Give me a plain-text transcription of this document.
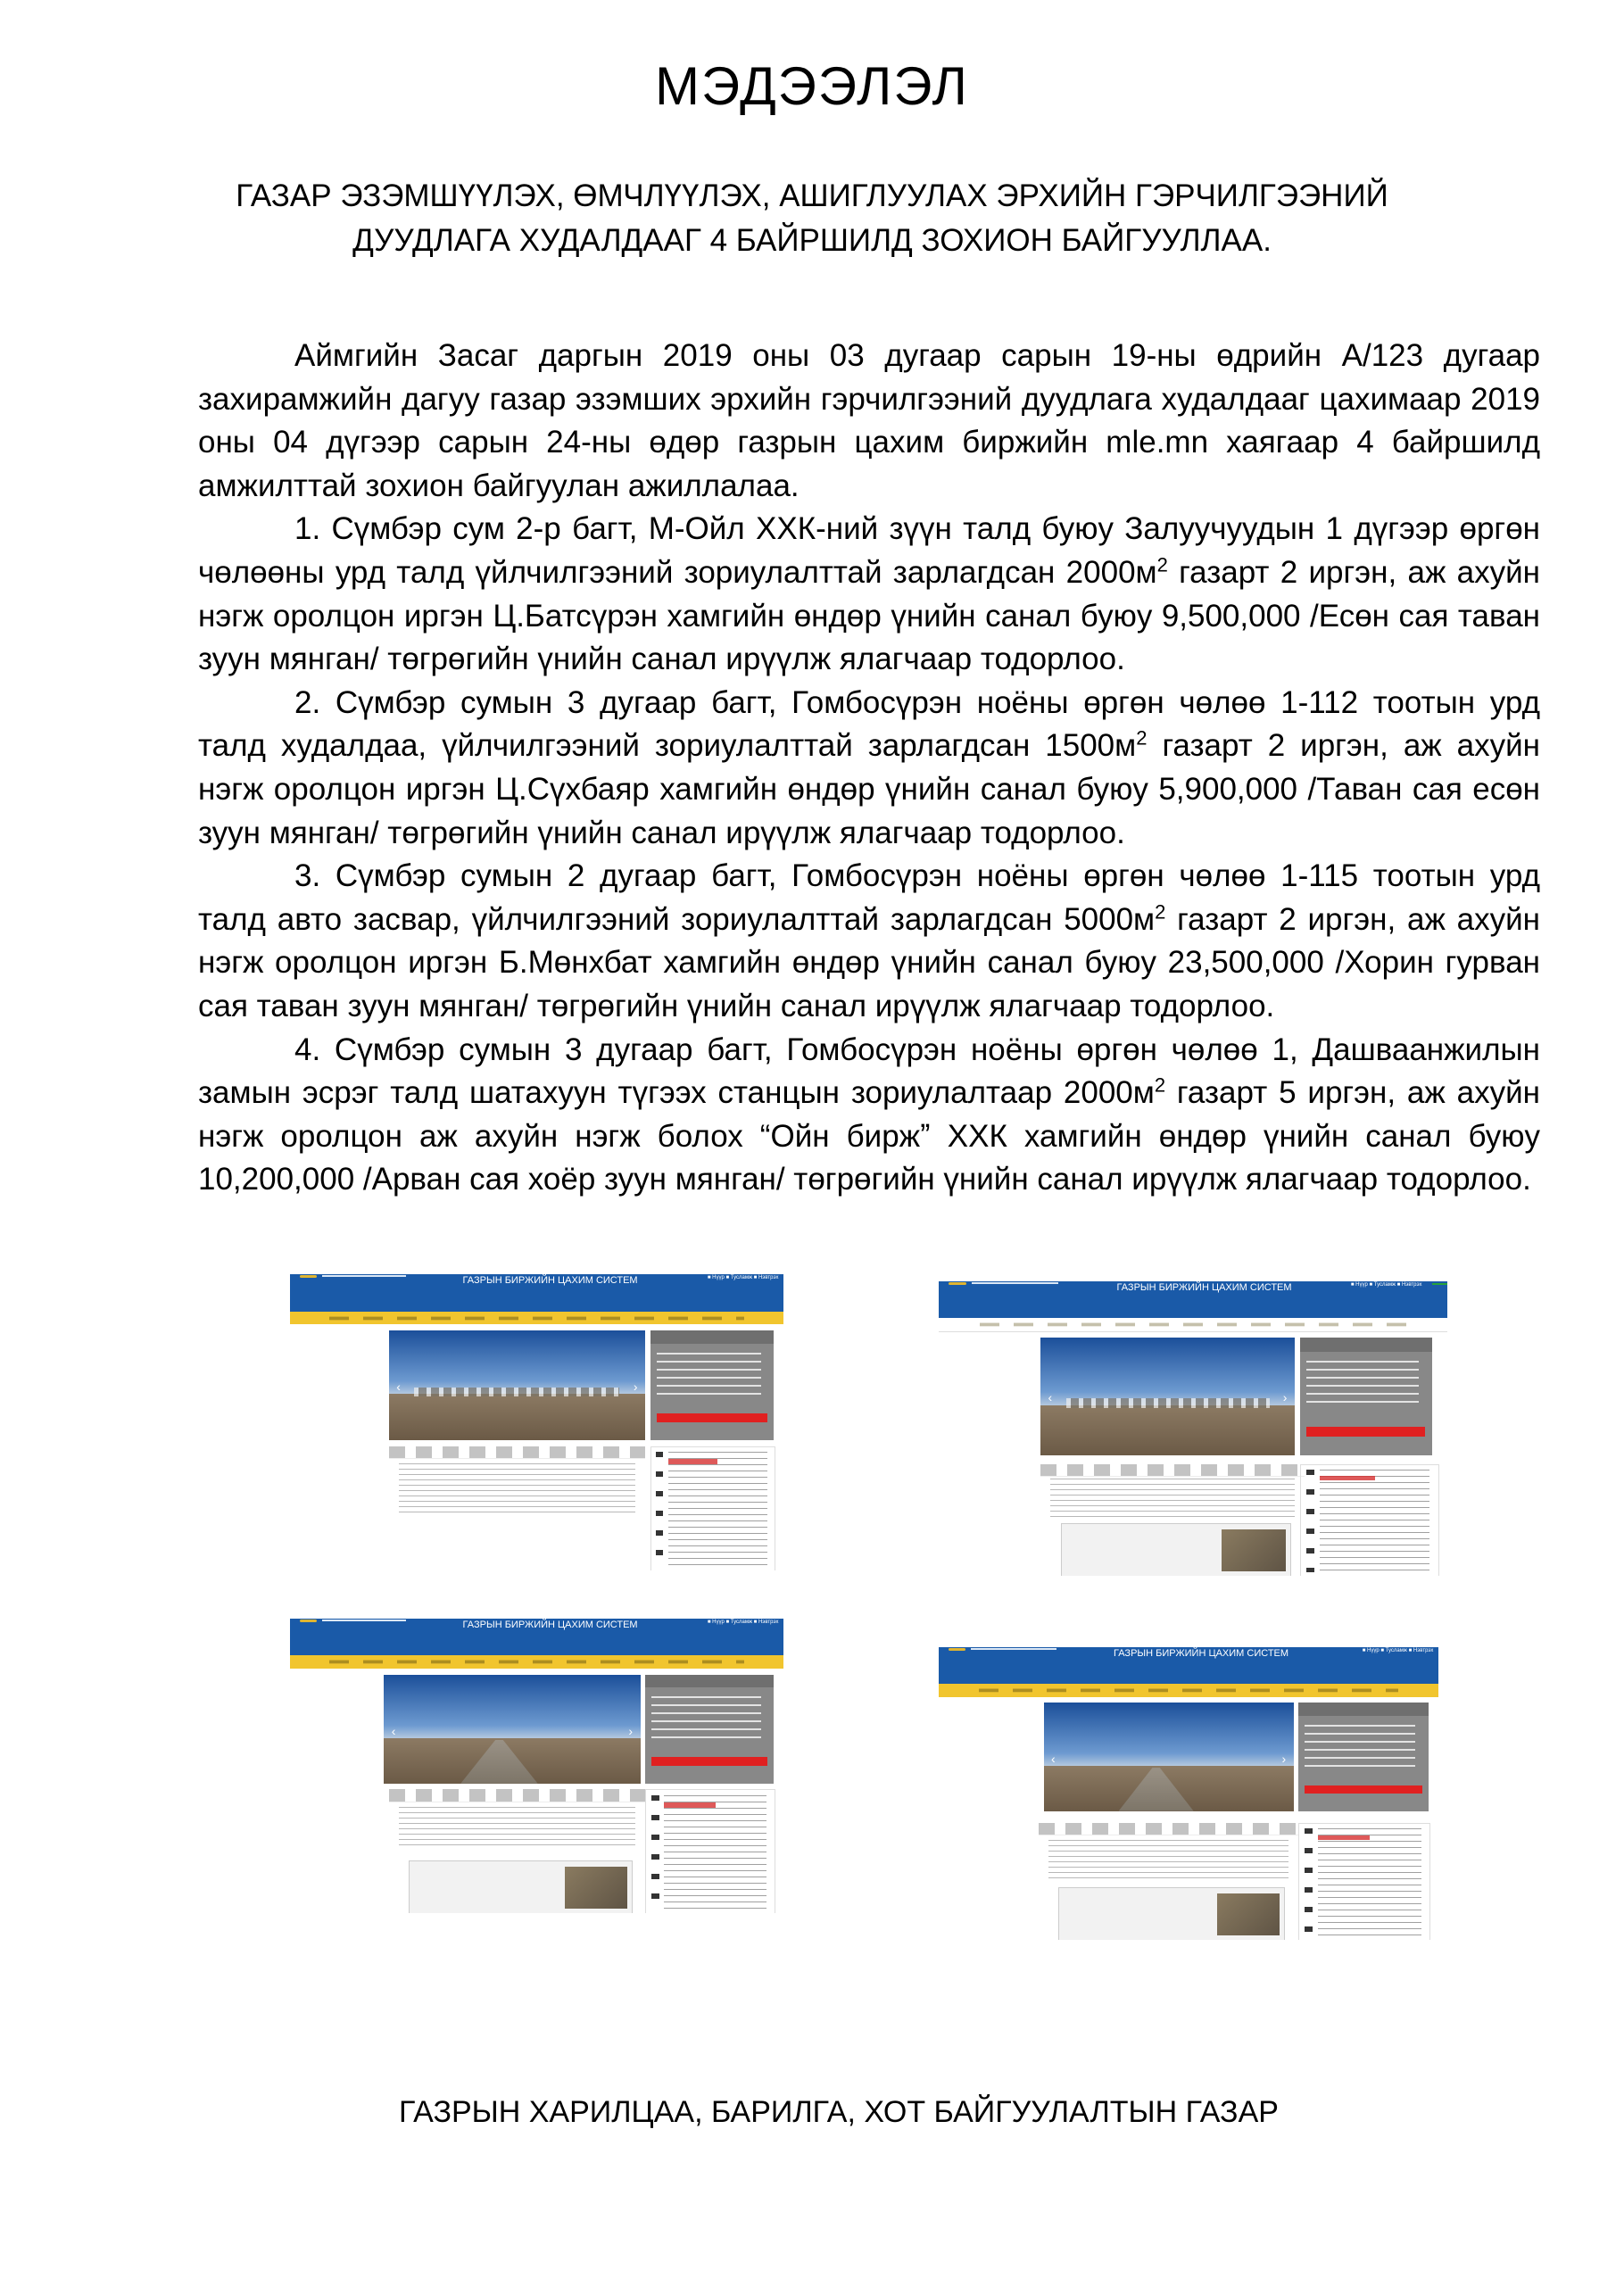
МЭДЭЭЛЭЛ
ГАЗАР ЭЗЭМШҮҮЛЭХ, ӨМЧЛҮҮЛЭХ, АШИГЛУУЛАХ ЭРХИЙН ГЭРЧИЛГЭЭНИЙ
ДУУДЛАГА ХУДАЛДААГ 4 БАЙРШИЛД ЗОХИОН БАЙГУУЛЛАА.

Аймгийн Засаг даргын 2019 оны 03 дугаар сарын 19-ны өдрийн А/123 дугаар захирамжийн дагуу газар эзэмших эрхийн гэрчилгээний дуудлага худалдааг цахимаар 2019 оны 04 дүгээр сарын 24-ны өдөр газрын цахим биржийн mle.mn хаягаар 4 байршилд амжилттай зохион байгуулан ажиллалаа.

1. Сүмбэр сум 2-р багт, М-Ойл ХХК-ний зүүн талд буюу Залуучуудын 1 дүгээр өргөн чөлөөны урд талд үйлчилгээний зориулалттай зарлагдсан $2000м^2$ газарт 2 иргэн, аж ахуйн нэгж оролцон иргэн Ц.Батсүрэн хамгийн өндөр үнийн санал буюу 9,500,000 /Есөн сая таван зуун мянган/ төгрөгийн үнийн санал ирүүлж ялагчаар тодорлоо.

2. Сүмбэр сумын 3 дугаар багт, Гомбосүрэн ноёны өргөн чөлөө 1-112 тоотын урд талд худалдаа, үйлчилгээний зориулалттай зарлагдсан $1500м^2$ газарт 2 иргэн, аж ахуйн нэгж оролцон иргэн Ц.Сүхбаяр хамгийн өндөр үнийн санал буюу 5,900,000 /Таван сая есөн зуун мянган/ төгрөгийн үнийн санал ирүүлж ялагчаар тодорлоо.

3. Сүмбэр сумын 2 дугаар багт, Гомбосүрэн ноёны өргөн чөлөө 1-115 тоотын урд талд авто засвар, үйлчилгээний зориулалттай зарлагдсан $5000м^2$ газарт 2 иргэн, аж ахуйн нэгж оролцон иргэн Б.Мөнхбат хамгийн өндөр үнийн санал буюу 23,500,000 /Хорин гурван сая таван зуун мянган/ төгрөгийн үнийн санал ирүүлж ялагчаар тодорлоо.

4. Сүмбэр сумын 3 дугаар багт, Гомбосүрэн ноёны өргөн чөлөө 1, Дашваанжилын замын эсрэг талд шатахуун түгээх станцын зориулалтаар $2000м^2$ газарт 5 иргэн, аж ахуйн нэгж оролцон аж ахуйн нэгж болох “Ойн биржˮ ХХК хамгийн өндөр үнийн санал буюу 10,200,000 /Арван сая хоёр зуун мянган/ төгрөгийн үнийн санал ирүүлж ялагчаар тодорлоо.

ГАЗРЫН БИРЖИЙН ЦАХИМ СИСТЕМ	■ Нүүр ■ Тусламж ■ Нэвтрэх
‹	›
ГАЗРЫН БИРЖИЙН ЦАХИМ СИСТЕМ	■ Нүүр ■ Тусламж ■ Нэвтрэх
‹	›
ГАЗРЫН БИРЖИЙН ЦАХИМ СИСТЕМ	■ Нүүр ■ Тусламж ■ Нэвтрэх
‹	›
ГАЗРЫН БИРЖИЙН ЦАХИМ СИСТЕМ	■ Нүүр ■ Тусламж ■ Нэвтрэх
‹	›
ГАЗРЫН ХАРИЛЦАА, БАРИЛГА, ХОТ БАЙГУУЛАЛТЫН ГАЗАР
